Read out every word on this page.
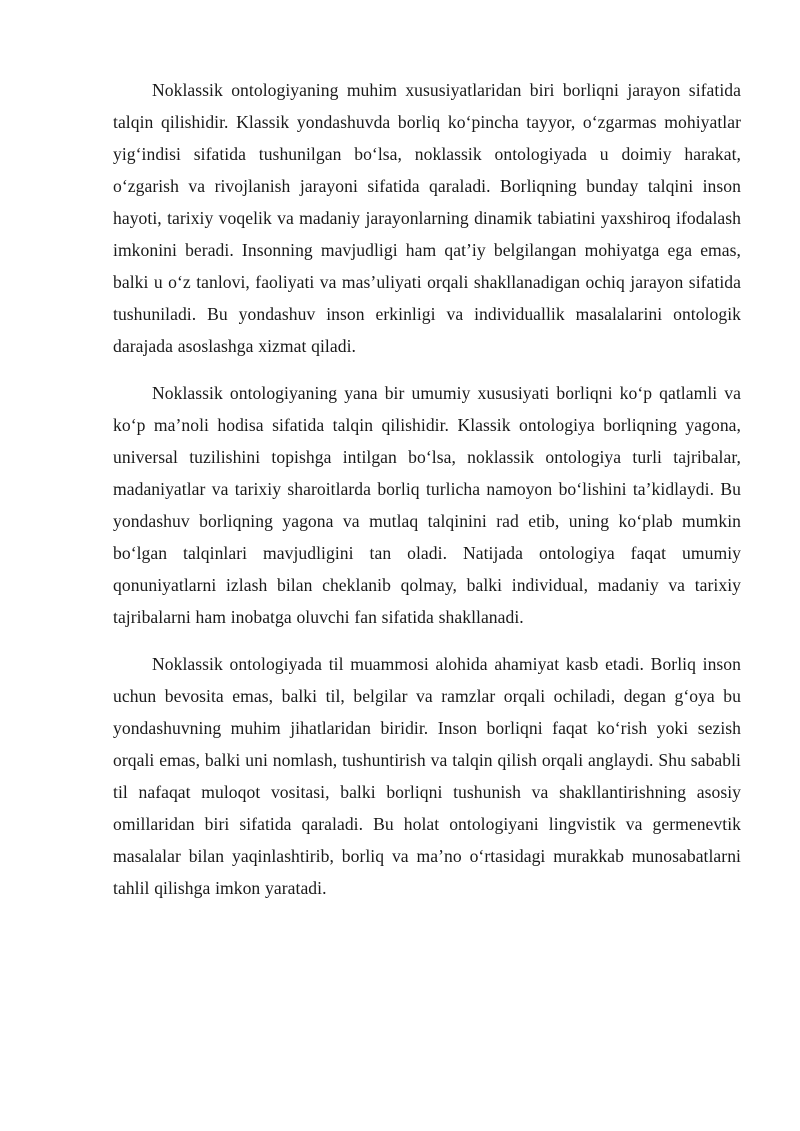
Noklassik ontologiyaning muhim xususiyatlaridan biri borliqni jarayon sifatida talqin qilishidir. Klassik yondashuvda borliq ko‘pincha tayyor, o‘zgarmas mohiyatlar yig‘indisi sifatida tushunilgan bo‘lsa, noklassik ontologiyada u doimiy harakat, o‘zgarish va rivojlanish jarayoni sifatida qaraladi. Borliqning bunday talqini inson hayoti, tarixiy voqelik va madaniy jarayonlarning dinamik tabiatini yaxshiroq ifodalash imkonini beradi. Insonning mavjudligi ham qat’iy belgilangan mohiyatga ega emas, balki u o‘z tanlovi, faoliyati va mas’uliyati orqali shakllanadigan ochiq jarayon sifatida tushuniladi. Bu yondashuv inson erkinligi va individuallik masalalarini ontologik darajada asoslashga xizmat qiladi.

Noklassik ontologiyaning yana bir umumiy xususiyati borliqni ko‘p qatlamli va ko‘p ma’noli hodisa sifatida talqin qilishidir. Klassik ontologiya borliqning yagona, universal tuzilishini topishga intilgan bo‘lsa, noklassik ontologiya turli tajribalar, madaniyatlar va tarixiy sharoitlarda borliq turlicha namoyon bo‘lishini ta’kidlaydi. Bu yondashuv borliqning yagona va mutlaq talqinini rad etib, uning ko‘plab mumkin bo‘lgan talqinlari mavjudligini tan oladi. Natijada ontologiya faqat umumiy qonuniyatlarni izlash bilan cheklanib qolmay, balki individual, madaniy va tarixiy tajribalarni ham inobatga oluvchi fan sifatida shakllanadi.

Noklassik ontologiyada til muammosi alohida ahamiyat kasb etadi. Borliq inson uchun bevosita emas, balki til, belgilar va ramzlar orqali ochiladi, degan g‘oya bu yondashuvning muhim jihatlaridan biridir. Inson borliqni faqat ko‘rish yoki sezish orqali emas, balki uni nomlash, tushuntirish va talqin qilish orqali anglaydi. Shu sababli til nafaqat muloqot vositasi, balki borliqni tushunish va shakllantirishning asosiy omillaridan biri sifatida qaraladi. Bu holat ontologiyani lingvistik va germenevtik masalalar bilan yaqinlashtirib, borliq va ma’no o‘rtasidagi murakkab munosabatlarni tahlil qilishga imkon yaratadi.
